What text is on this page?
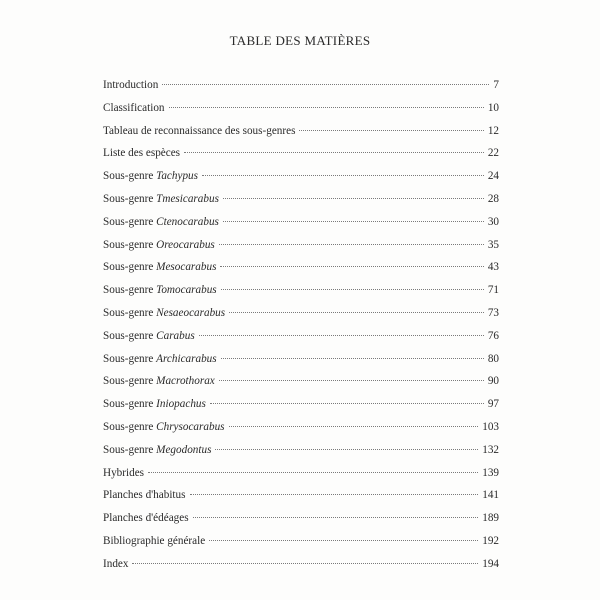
TABLE DES MATIÈRES
Introduction	7
Classification	10
Tableau de reconnaissance des sous-genres	12
Liste des espèces	22
Sous-genre Tachypus	24
Sous-genre Tmesicarabus	28
Sous-genre Ctenocarabus	30
Sous-genre Oreocarabus	35
Sous-genre Mesocarabus	43
Sous-genre Tomocarabus	71
Sous-genre Nesaeocarabus	73
Sous-genre Carabus	76
Sous-genre Archicarabus	80
Sous-genre Macrothorax	90
Sous-genre Iniopachus	97
Sous-genre Chrysocarabus	103
Sous-genre Megodontus	132
Hybrides	139
Planches d'habitus	141
Planches d'édéages	189
Bibliographie générale	192
Index	194
